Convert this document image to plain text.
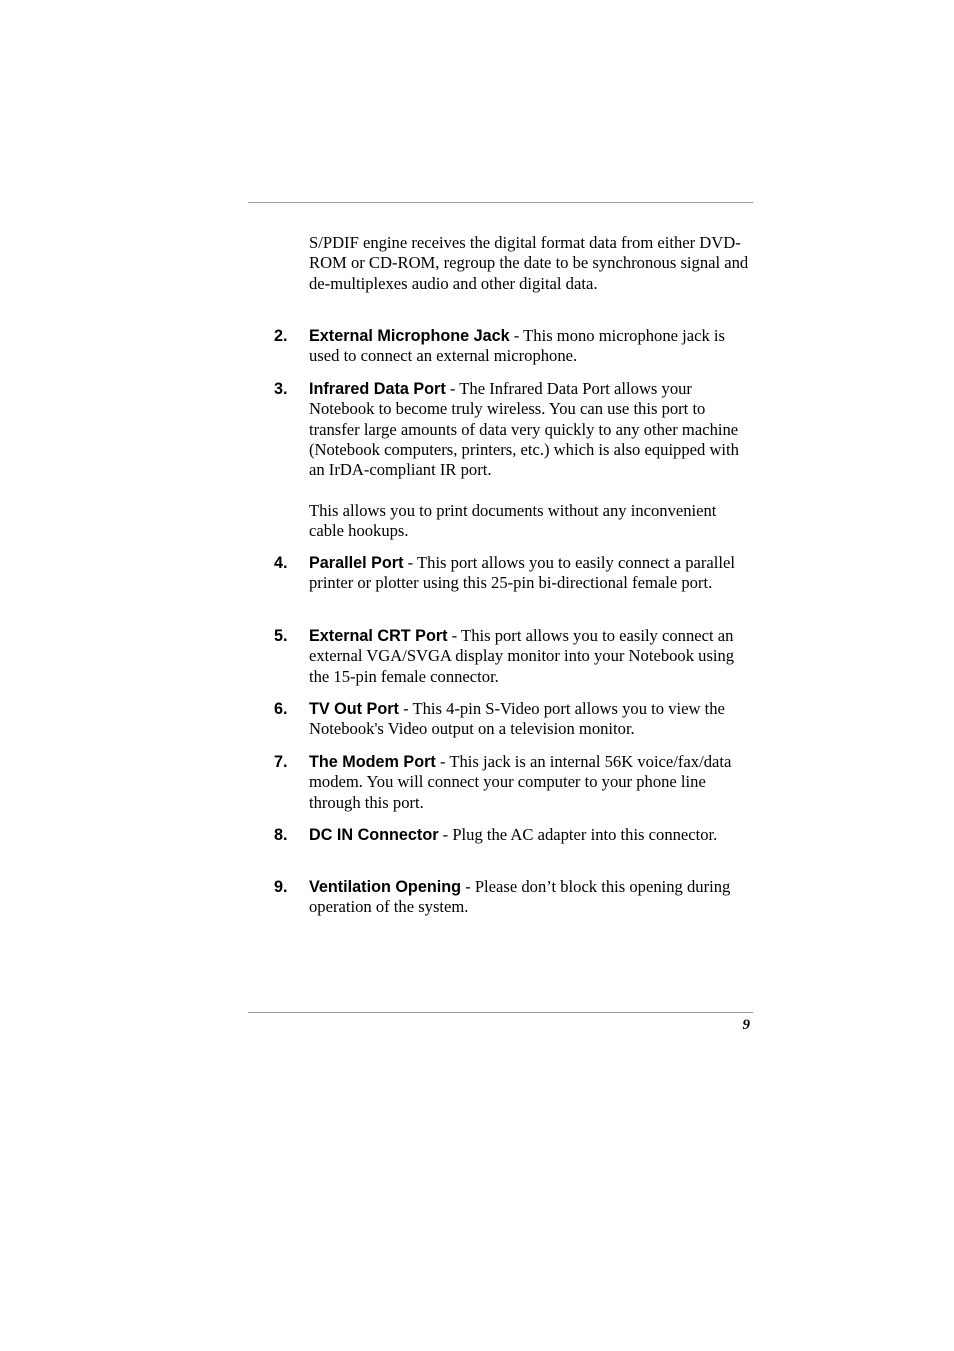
S/PDIF engine receives the digital format data from either DVD-ROM or CD-ROM, regroup the date to be synchronous signal and de-multiplexes audio and other digital data.

2. External Microphone Jack - This mono microphone jack is used to connect an external microphone.
3. Infrared Data Port - The Infrared Data Port allows your Notebook to become truly wireless. You can use this port to transfer large amounts of data very quickly to any other machine (Notebook computers, printers, etc.) which is also equipped with an IrDA-compliant IR port.

This allows you to print documents without any inconvenient cable hookups.

4. Parallel Port - This port allows you to easily connect a parallel printer or plotter using this 25-pin bi-directional female port.
5. External CRT Port - This port allows you to easily connect an external VGA/SVGA display monitor into your Notebook using the 15-pin female connector.
6. TV Out Port - This 4-pin S-Video port allows you to view the Notebook's Video output on a television monitor.
7. The Modem Port - This jack is an internal 56K voice/fax/data modem. You will connect your computer to your phone line through this port.
8. DC IN Connector - Plug the AC adapter into this connector.
9. Ventilation Opening - Please don’t block this opening during operation of the system.
9
